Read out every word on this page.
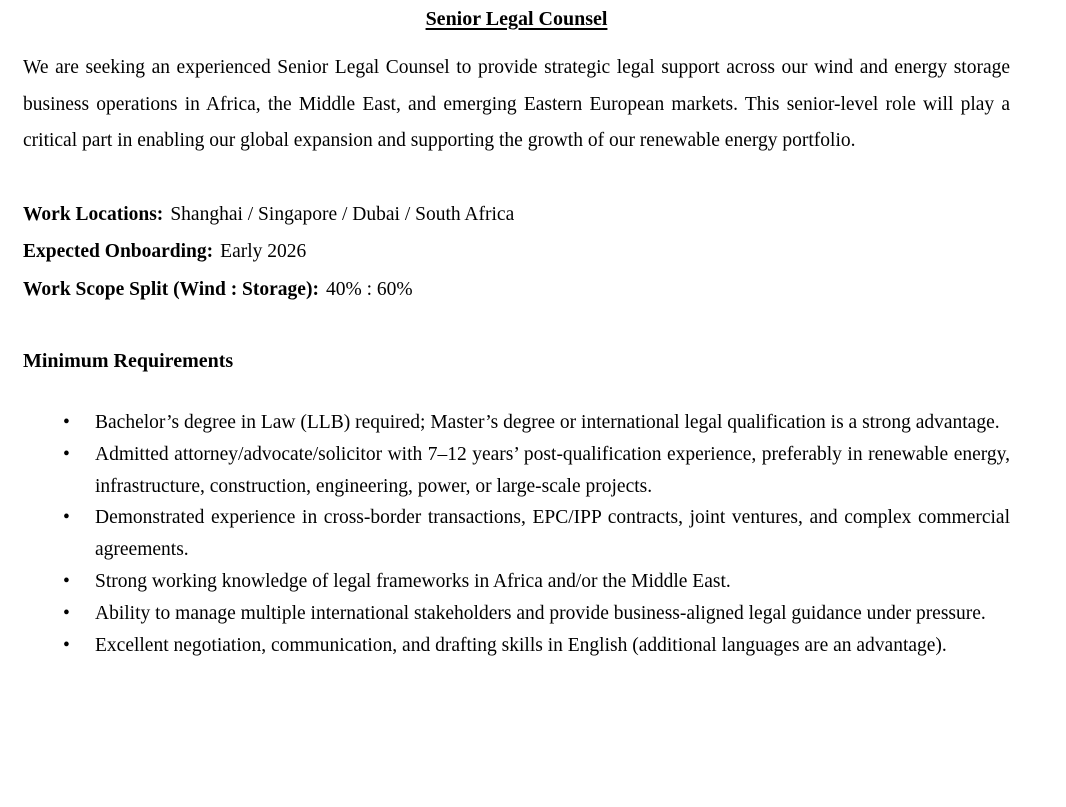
Senior Legal Counsel

We are seeking an experienced Senior Legal Counsel to provide strategic legal support across our wind and energy storage business operations in Africa, the Middle East, and emerging Eastern European markets. This senior-level role will play a critical part in enabling our global expansion and supporting the growth of our renewable energy portfolio.

Work Locations: Shanghai / Singapore / Dubai / South Africa
Expected Onboarding: Early 2026
Work Scope Split (Wind : Storage): 40% : 60%
Minimum Requirements
• Bachelor’s degree in Law (LLB) required; Master’s degree or international legal qualification is a strong advantage.
• Admitted attorney/advocate/solicitor with 7–12 years’ post-qualification experience, preferably in renewable energy, infrastructure, construction, engineering, power, or large-scale projects.
• Demonstrated experience in cross-border transactions, EPC/IPP contracts, joint ventures, and complex commercial agreements.
• Strong working knowledge of legal frameworks in Africa and/or the Middle East.
• Ability to manage multiple international stakeholders and provide business-aligned legal guidance under pressure.
• Excellent negotiation, communication, and drafting skills in English (additional languages are an advantage).
